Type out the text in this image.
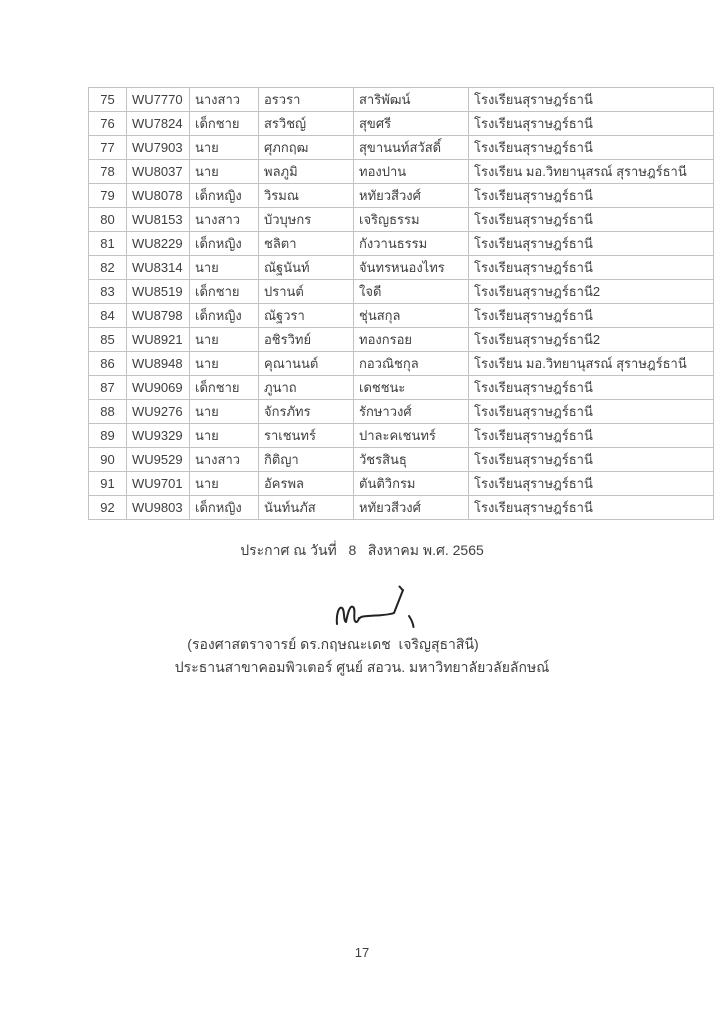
75	WU7770	นางสาว	อรวรา	สาริพัฒน์	โรงเรียนสุราษฎร์ธานี
76	WU7824	เด็กชาย	สรวิชญ์	สุขศรี	โรงเรียนสุราษฎร์ธานี
77	WU7903	นาย	ศุภกฤฒ	สุขานนท์สวัสดิ์	โรงเรียนสุราษฎร์ธานี
78	WU8037	นาย	พลภูมิ	ทองปาน	โรงเรียน มอ.วิทยานุสรณ์ สุราษฎร์ธานี
79	WU8078	เด็กหญิง	วิรมณ	หทัยวสีวงศ์	โรงเรียนสุราษฎร์ธานี
80	WU8153	นางสาว	บัวบุษกร	เจริญธรรม	โรงเรียนสุราษฎร์ธานี
81	WU8229	เด็กหญิง	ชลิตา	กังวานธรรม	โรงเรียนสุราษฎร์ธานี
82	WU8314	นาย	ณัฐนันท์	จันทรหนองไทร	โรงเรียนสุราษฎร์ธานี
83	WU8519	เด็กชาย	ปรานต์	ใจดี	โรงเรียนสุราษฎร์ธานี2
84	WU8798	เด็กหญิง	ณัฐวรา	ชุ่นสกุล	โรงเรียนสุราษฎร์ธานี
85	WU8921	นาย	อชิรวิทย์	ทองกรอย	โรงเรียนสุราษฎร์ธานี2
86	WU8948	นาย	คุณานนต์	กอวณิชกุล	โรงเรียน มอ.วิทยานุสรณ์ สุราษฎร์ธานี
87	WU9069	เด็กชาย	ภูนาถ	เดชชนะ	โรงเรียนสุราษฎร์ธานี
88	WU9276	นาย	จักรภัทร	รักษาวงศ์	โรงเรียนสุราษฎร์ธานี
89	WU9329	นาย	ราเชนทร์	ปาละคเชนทร์	โรงเรียนสุราษฎร์ธานี
90	WU9529	นางสาว	กิติญา	วัชรสินธุ	โรงเรียนสุราษฎร์ธานี
91	WU9701	นาย	อัครพล	ตันติวิกรม	โรงเรียนสุราษฎร์ธานี
92	WU9803	เด็กหญิง	นันท์นภัส	หทัยวสีวงศ์	โรงเรียนสุราษฎร์ธานี
ประกาศ ณ วันที่   8   สิงหาคม พ.ศ. 2565
(รองศาสตราจารย์ ดร.กฤษณะเดช  เจริญสุธาสินี)
ประธานสาขาคอมพิวเตอร์ ศูนย์ สอวน. มหาวิทยาลัยวลัยลักษณ์
17
